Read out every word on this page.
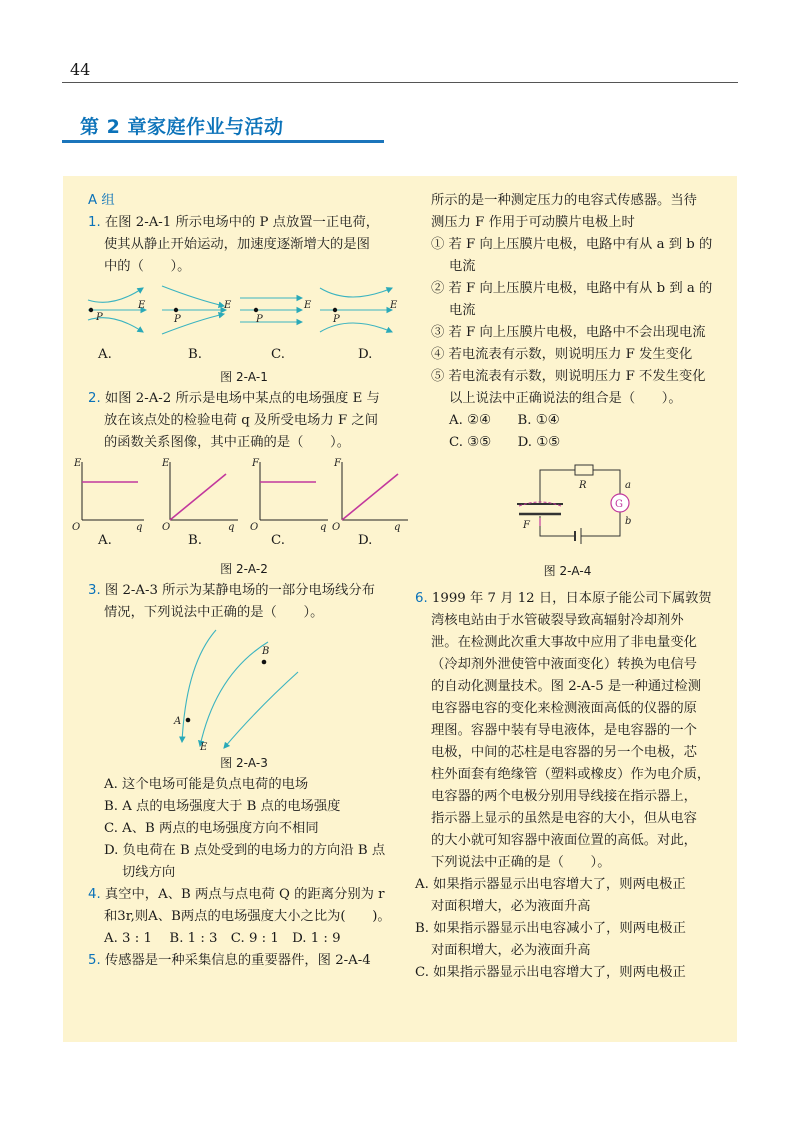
44
第 2 章家庭作业与活动
A 组
1. 在图 2-A-1 所示电场中的 P 点放置一正电荷，
使其从静止开始运动，加速度逐渐增大的是图
中的（　　）。
P
E
P
E
P
E
P
E
A.	B.	C.	D.
图 2-A-1
2. 如图 2-A-2 所示是电场中某点的电场强度 E 与
放在该点处的检验电荷 q 及所受电场力 F 之间
的函数关系图像，其中正确的是（　　）。
E
O	q
E
O	q
F
O	q
F
O	q
A.	B.	C.	D.
图 2-A-2
3. 图 2-A-3 所示为某静电场的一部分电场线分布
情况，下列说法中正确的是（　　）。
A
B
E
图 2-A-3
A. 这个电场可能是负点电荷的电场
B. A 点的电场强度大于 B 点的电场强度
C. A、B 两点的电场强度方向不相同
D. 负电荷在 B 点处受到的电场力的方向沿 B 点
切线方向
4. 真空中，A、B 两点与点电荷 Q 的距离分别为 r
和3r,则A、B两点的电场强度大小之比为(　　)。
A. 3 : 1　 B. 1 : 3　C. 9 : 1　D. 1 : 9
5. 传感器是一种采集信息的重要器件，图 2-A-4
所示的是一种测定压力的电容式传感器。当待
测压力 F 作用于可动膜片电极上时
① 若 F 向上压膜片电极，电路中有从 a 到 b 的
电流
② 若 F 向上压膜片电极，电路中有从 b 到 a 的
电流
③ 若 F 向上压膜片电极，电路中不会出现电流
④ 若电流表有示数，则说明压力 F 发生变化
⑤ 若电流表有示数，则说明压力 F 不发生变化
以上说法中正确说法的组合是（　　）。
A. ②④　　B. ①④
C. ③⑤　　D. ①⑤
R
G
a
b
F
图 2-A-4
6. 1999 年 7 月 12 日，日本原子能公司下属敦贺
湾核电站由于水管破裂导致高辐射冷却剂外
泄。在检测此次重大事故中应用了非电量变化
（冷却剂外泄使管中液面变化）转换为电信号
的自动化测量技术。图 2-A-5 是一种通过检测
电容器电容的变化来检测液面高低的仪器的原
理图。容器中装有导电液体，是电容器的一个
电极，中间的芯柱是电容器的另一个电极，芯
柱外面套有绝缘管（塑料或橡皮）作为电介质，
电容器的两个电极分别用导线接在指示器上，
指示器上显示的虽然是电容的大小，但从电容
的大小就可知容器中液面位置的高低。对此，
下列说法中正确的是（　　）。
A. 如果指示器显示出电容增大了，则两电极正
对面积增大，必为液面升高
B. 如果指示器显示出电容减小了，则两电极正
对面积增大，必为液面升高
C. 如果指示器显示出电容增大了，则两电极正
